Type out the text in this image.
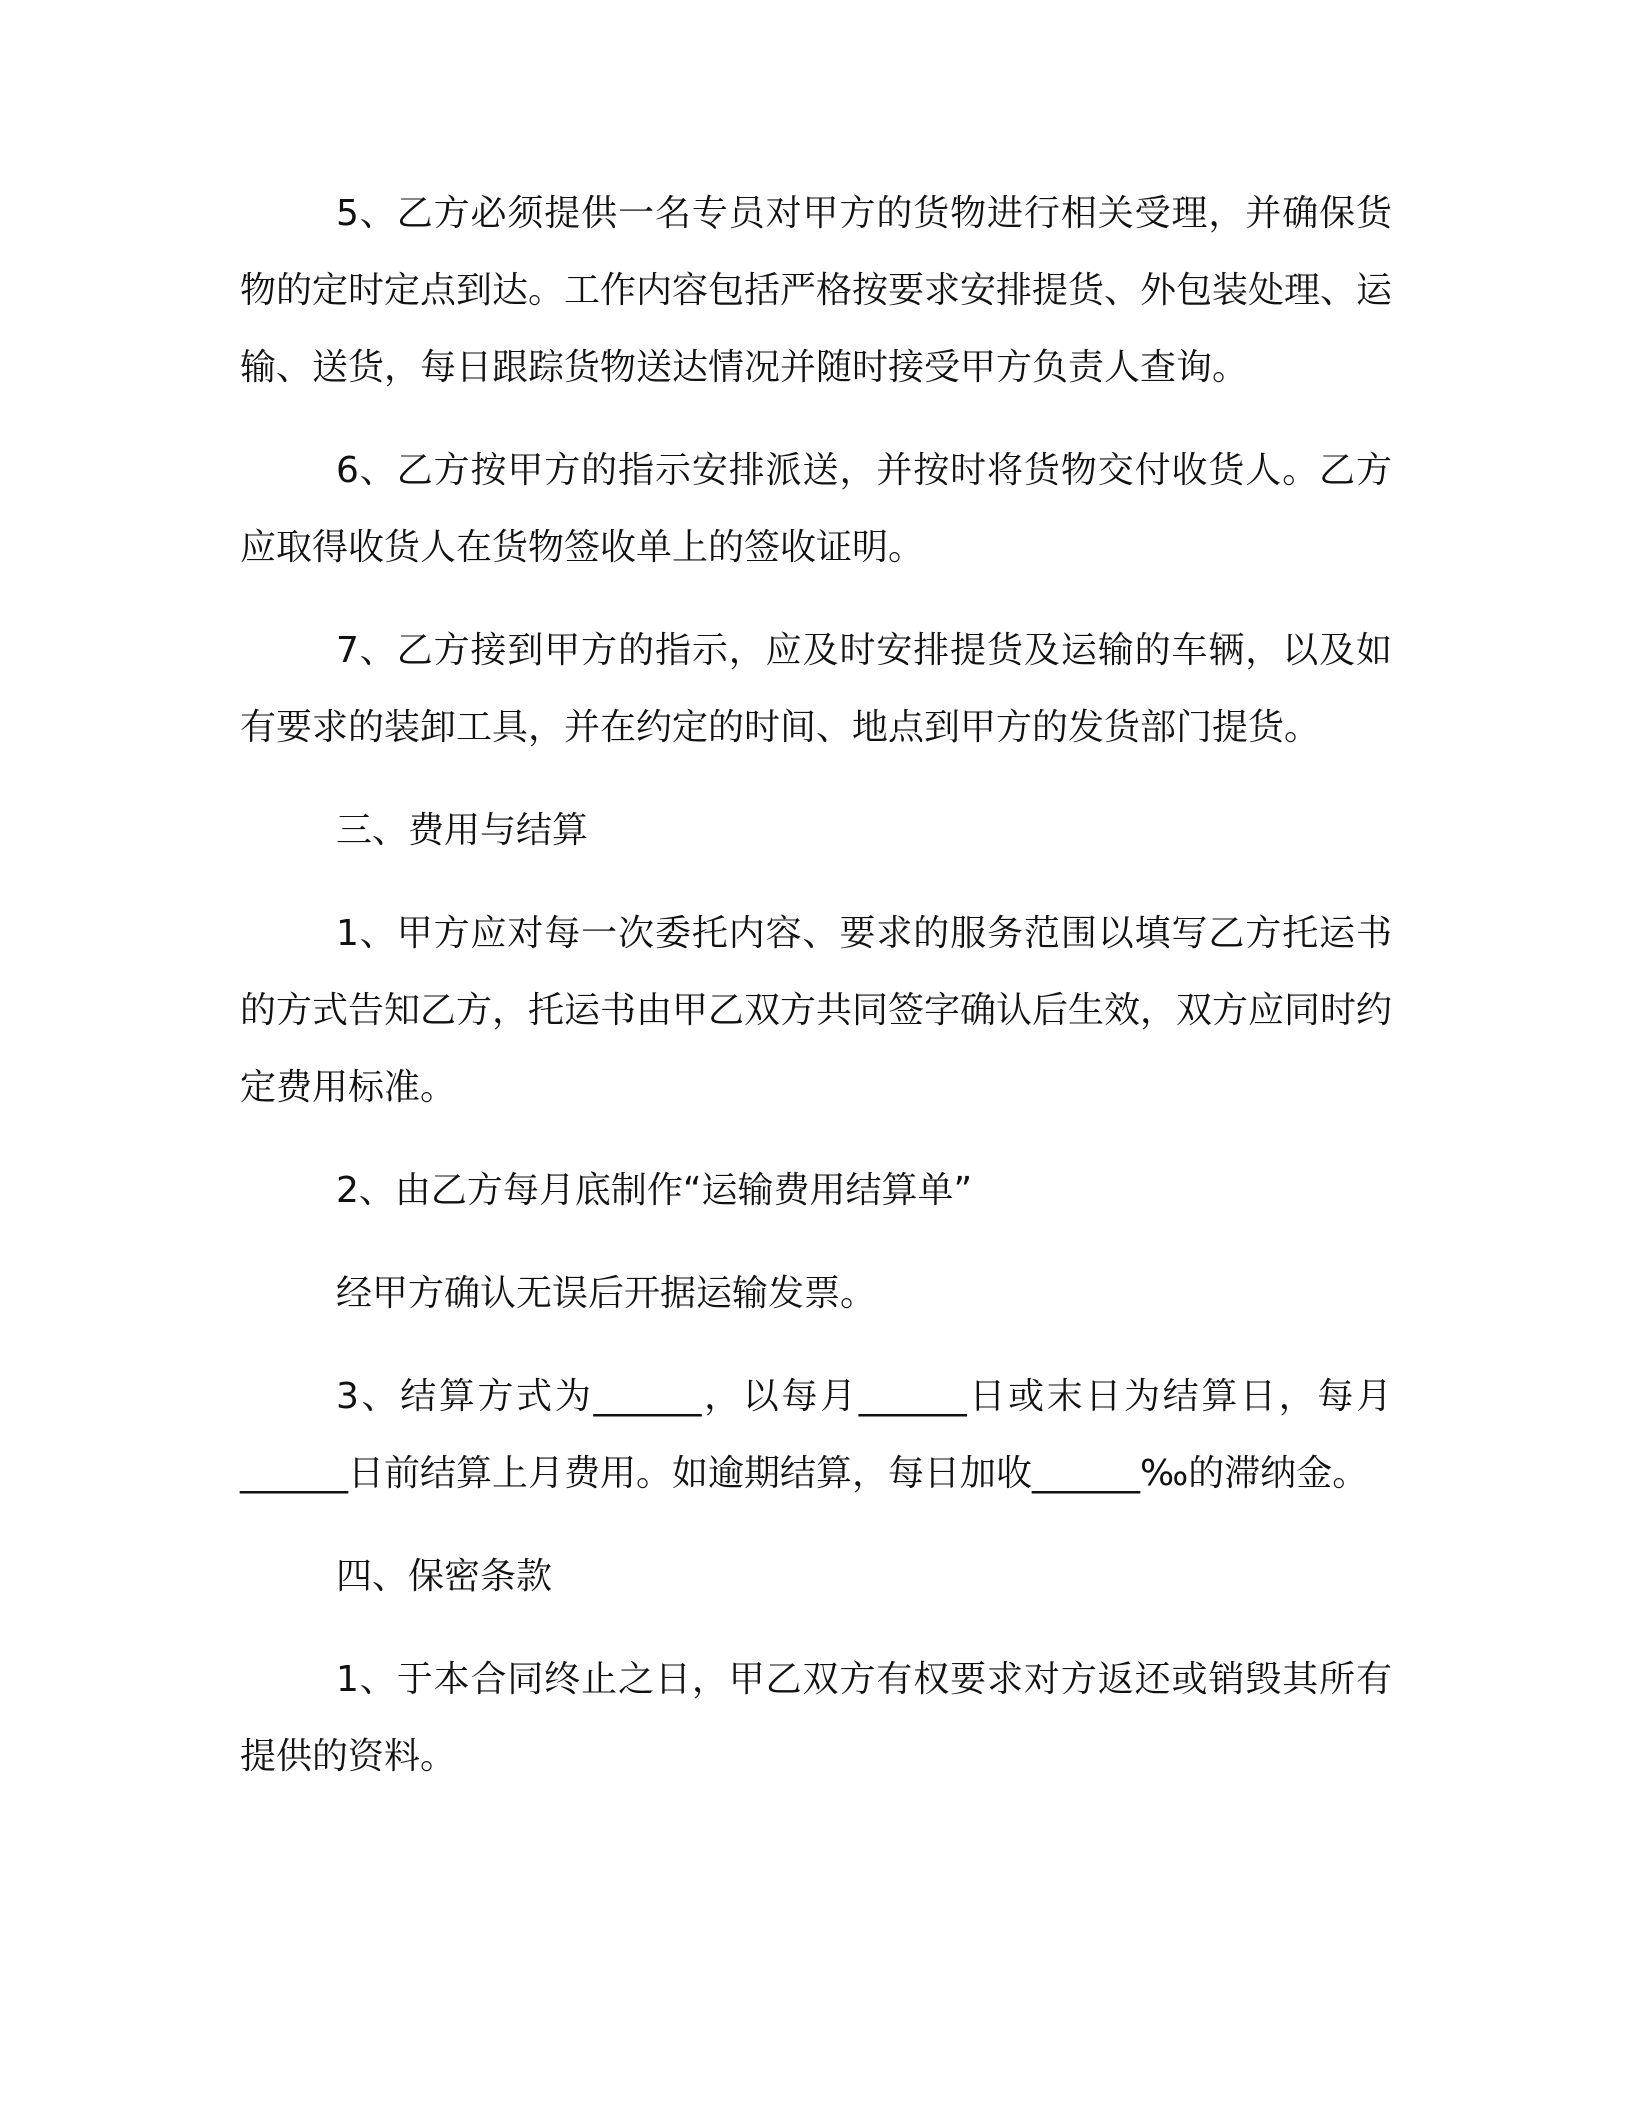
5、乙方必须提供一名专员对甲方的货物进行相关受理，并确保货物的定时定点到达。工作内容包括严格按要求安排提货、外包装处理、运输、送货，每日跟踪货物送达情况并随时接受甲方负责人查询。

6、乙方按甲方的指示安排派送，并按时将货物交付收货人。乙方应取得收货人在货物签收单上的签收证明。

7、乙方接到甲方的指示，应及时安排提货及运输的车辆，以及如有要求的装卸工具，并在约定的时间、地点到甲方的发货部门提货。

三、费用与结算

1、甲方应对每一次委托内容、要求的服务范围以填写乙方托运书的方式告知乙方，托运书由甲乙双方共同签字确认后生效，双方应同时约定费用标准。

2、由乙方每月底制作“运输费用结算单”

经甲方确认无误后开据运输发票。

3、结算方式为______，以每月______日或末日为结算日，每月______日前结算上月费用。如逾期结算，每日加收______‰的滞纳金。

四、保密条款

1、于本合同终止之日，甲乙双方有权要求对方返还或销毁其所有提供的资料。
